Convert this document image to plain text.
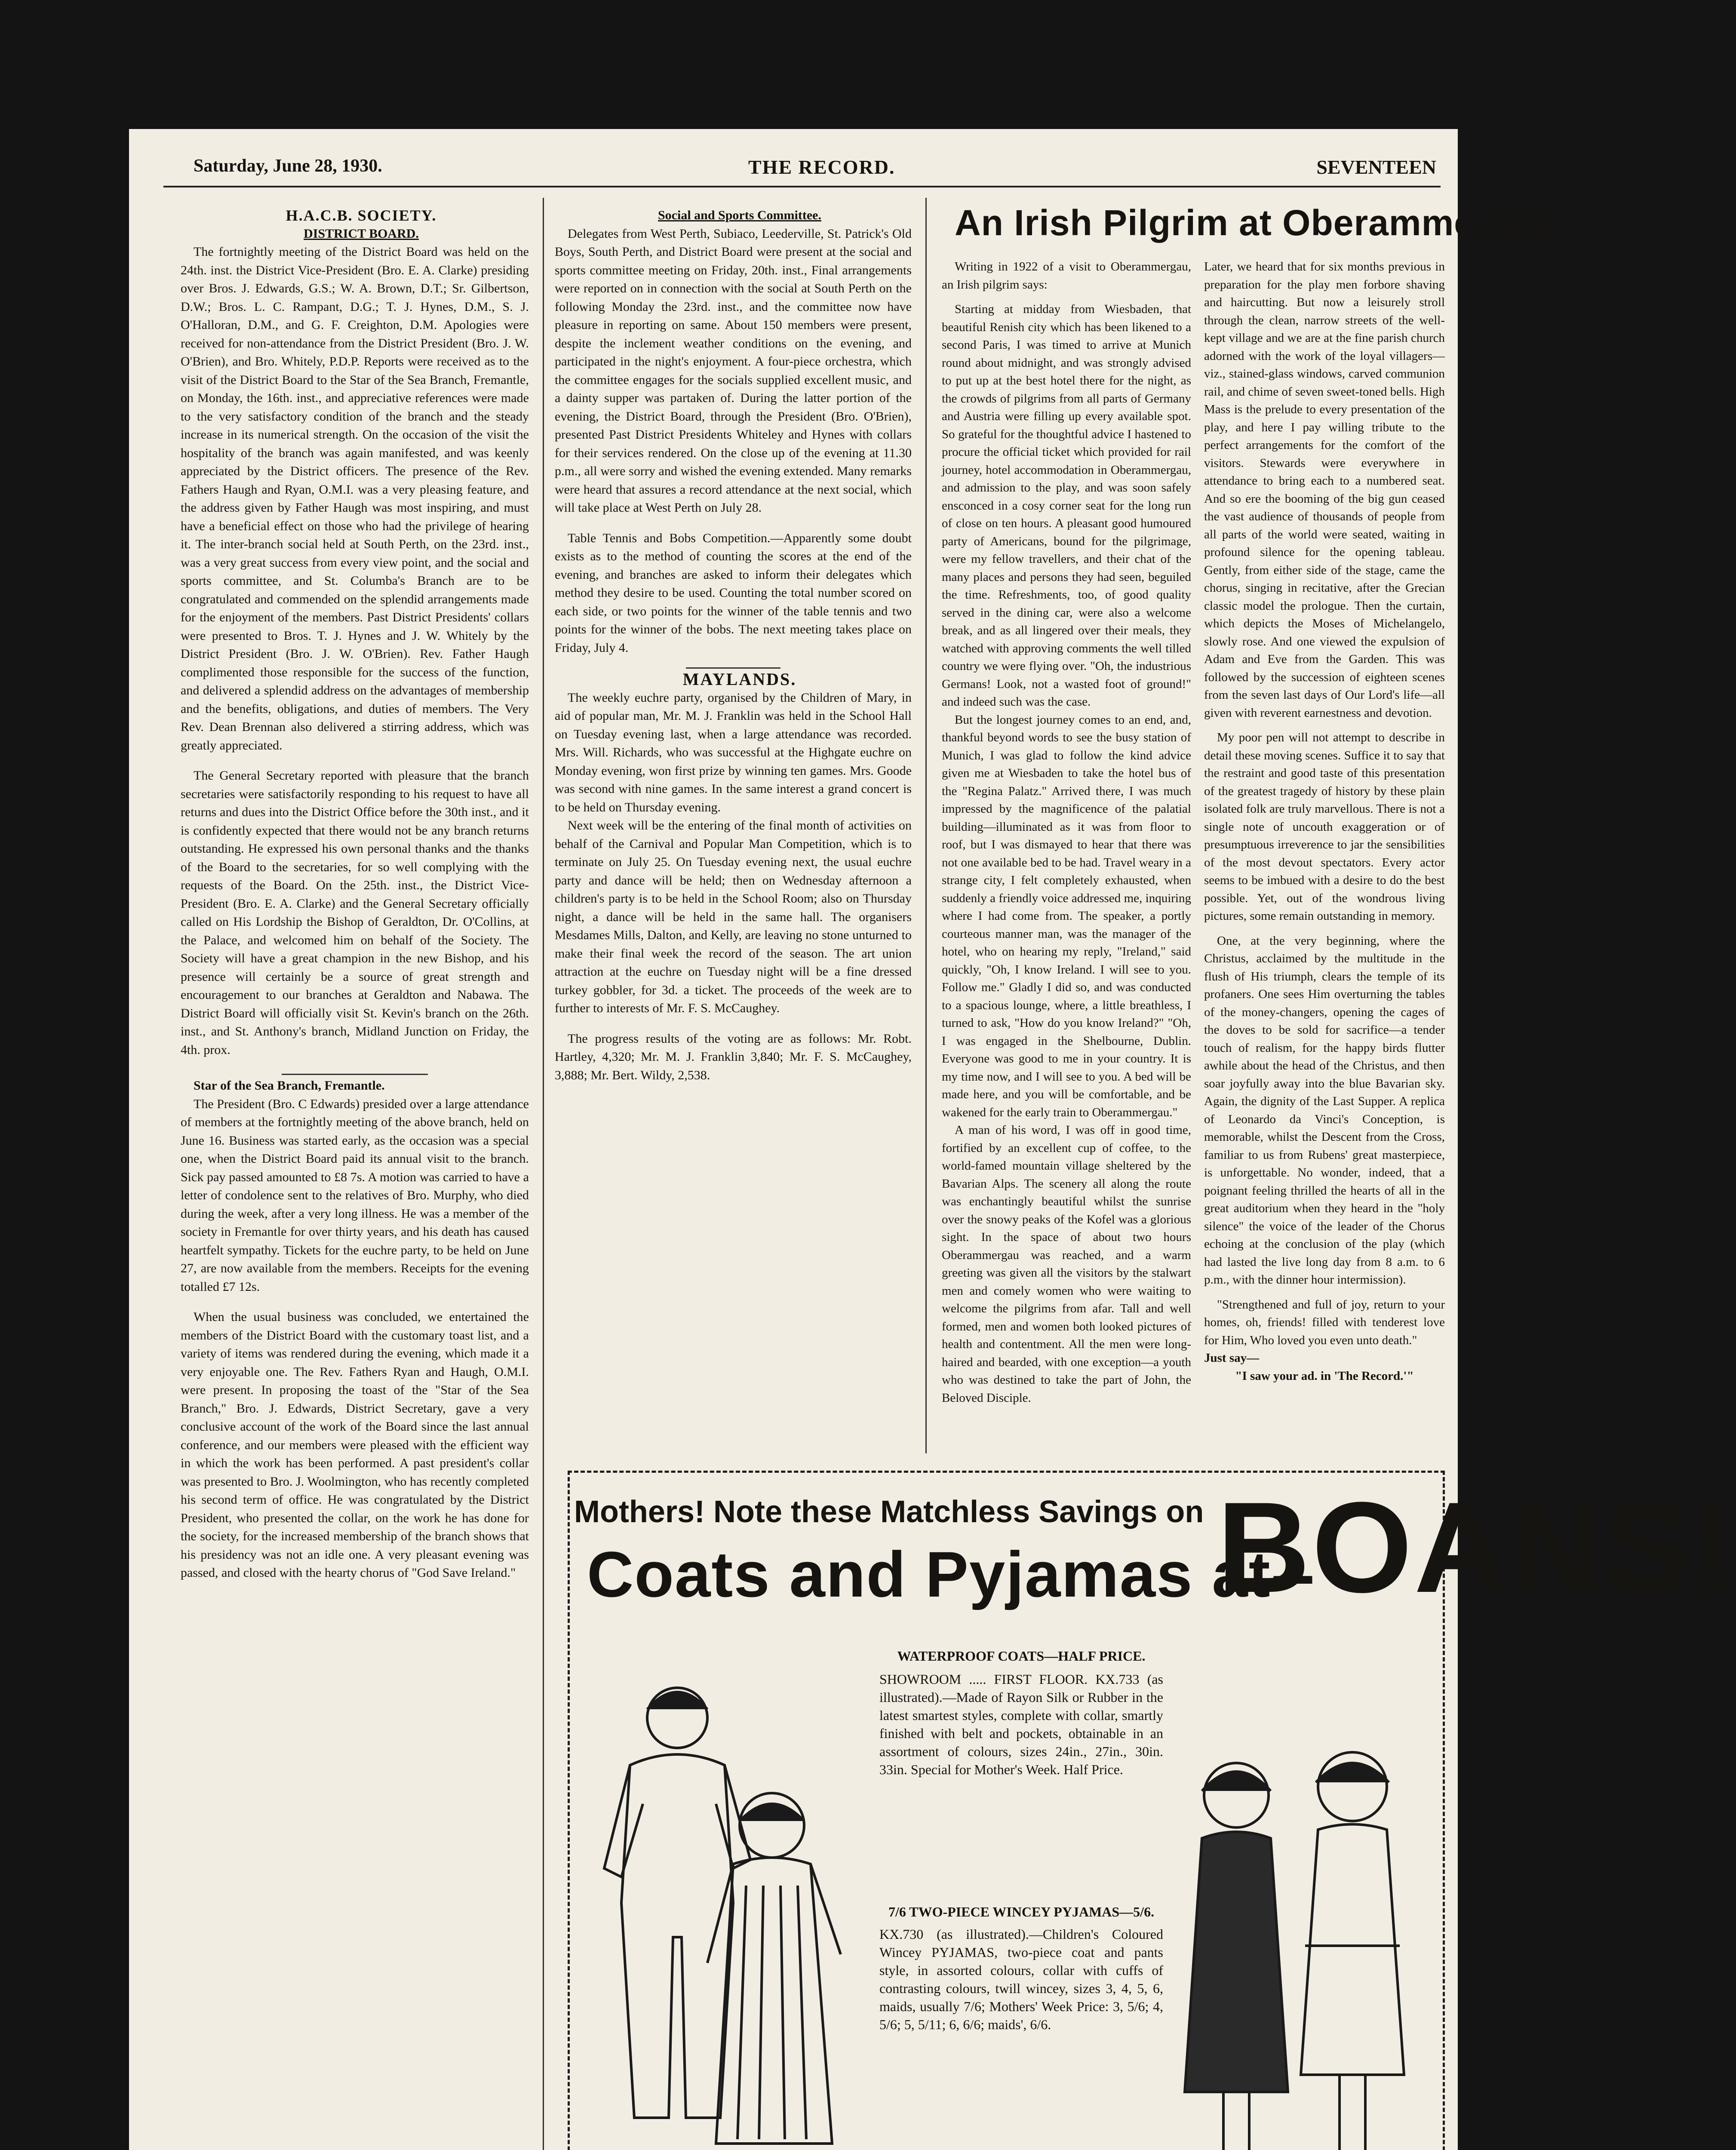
Saturday, June 28, 1930.	THE RECORD.	SEVENTEEN

H.A.C.B. SOCIETY.

DISTRICT BOARD.

The fortnightly meeting of the District Board was held on the 24th. inst. the District Vice-President (Bro. E. A. Clarke) presiding over Bros. J. Edwards, G.S.; W. A. Brown, D.T.; Sr. Gilbertson, D.W.; Bros. L. C. Rampant, D.G.; T. J. Hynes, D.M., S. J. O'Halloran, D.M., and G. F. Creighton, D.M. Apologies were received for non-attendance from the District President (Bro. J. W. O'Brien), and Bro. Whitely, P.D.P. Reports were received as to the visit of the District Board to the Star of the Sea Branch, Fremantle, on Monday, the 16th. inst., and appreciative references were made to the very satisfactory condition of the branch and the steady increase in its numerical strength. On the occasion of the visit the hospitality of the branch was again manifested, and was keenly appreciated by the District officers. The presence of the Rev. Fathers Haugh and Ryan, O.M.I. was a very pleasing feature, and the address given by Father Haugh was most inspiring, and must have a beneficial effect on those who had the privilege of hearing it. The inter-branch social held at South Perth, on the 23rd. inst., was a very great success from every view point, and the social and sports committee, and St. Columba's Branch are to be congratulated and commended on the splendid arrangements made for the enjoyment of the members. Past District Presidents' collars were presented to Bros. T. J. Hynes and J. W. Whitely by the District President (Bro. J. W. O'Brien). Rev. Father Haugh complimented those responsible for the success of the function, and delivered a splendid address on the advantages of membership and the benefits, obligations, and duties of members. The Very Rev. Dean Brennan also delivered a stirring address, which was greatly appreciated.

The General Secretary reported with pleasure that the branch secretaries were satisfactorily responding to his request to have all returns and dues into the District Office before the 30th inst., and it is confidently expected that there would not be any branch returns outstanding. He expressed his own personal thanks and the thanks of the Board to the secretaries, for so well complying with the requests of the Board. On the 25th. inst., the District Vice-President (Bro. E. A. Clarke) and the General Secretary officially called on His Lordship the Bishop of Geraldton, Dr. O'Collins, at the Palace, and welcomed him on behalf of the Society. The Society will have a great champion in the new Bishop, and his presence will certainly be a source of great strength and encouragement to our branches at Geraldton and Nabawa. The District Board will officially visit St. Kevin's branch on the 26th. inst., and St. Anthony's branch, Midland Junction on Friday, the 4th. prox.

Star of the Sea Branch, Fremantle.

The President (Bro. C Edwards) presided over a large attendance of members at the fortnightly meeting of the above branch, held on June 16. Business was started early, as the occasion was a special one, when the District Board paid its annual visit to the branch. Sick pay passed amounted to £8 7s. A motion was carried to have a letter of condolence sent to the relatives of Bro. Murphy, who died during the week, after a very long illness. He was a member of the society in Fremantle for over thirty years, and his death has caused heartfelt sympathy. Tickets for the euchre party, to be held on June 27, are now available from the members. Receipts for the evening totalled £7 12s.

When the usual business was concluded, we entertained the members of the District Board with the customary toast list, and a variety of items was rendered during the evening, which made it a very enjoyable one. The Rev. Fathers Ryan and Haugh, O.M.I. were present. In proposing the toast of the "Star of the Sea Branch," Bro. J. Edwards, District Secretary, gave a very conclusive account of the work of the Board since the last annual conference, and our members were pleased with the efficient way in which the work has been performed. A past president's collar was presented to Bro. J. Woolmington, who has recently completed his second term of office. He was congratulated by the District President, who presented the collar, on the work he has done for the society, for the increased membership of the branch shows that his presidency was not an idle one. A very pleasant evening was passed, and closed with the hearty chorus of "God Save Ireland."

Social and Sports Committee.

Delegates from West Perth, Subiaco, Leederville, St. Patrick's Old Boys, South Perth, and District Board were present at the social and sports committee meeting on Friday, 20th. inst., Final arrangements were reported on in connection with the social at South Perth on the following Monday the 23rd. inst., and the committee now have pleasure in reporting on same. About 150 members were present, despite the inclement weather conditions on the evening, and participated in the night's enjoyment. A four-piece orchestra, which the committee engages for the socials supplied excellent music, and a dainty supper was partaken of. During the latter portion of the evening, the District Board, through the President (Bro. O'Brien), presented Past District Presidents Whiteley and Hynes with collars for their services rendered. On the close up of the evening at 11.30 p.m., all were sorry and wished the evening extended. Many remarks were heard that assures a record attendance at the next social, which will take place at West Perth on July 28.

Table Tennis and Bobs Competition.—Apparently some doubt exists as to the method of counting the scores at the end of the evening, and branches are asked to inform their delegates which method they desire to be used. Counting the total number scored on each side, or two points for the winner of the table tennis and two points for the winner of the bobs. The next meeting takes place on Friday, July 4.

MAYLANDS.

The weekly euchre party, organised by the Children of Mary, in aid of popular man, Mr. M. J. Franklin was held in the School Hall on Tuesday evening last, when a large attendance was recorded. Mrs. Will. Richards, who was successful at the Highgate euchre on Monday evening, won first prize by winning ten games. Mrs. Goode was second with nine games. In the same interest a grand concert is to be held on Thursday evening.

Next week will be the entering of the final month of activities on behalf of the Carnival and Popular Man Competition, which is to terminate on July 25. On Tuesday evening next, the usual euchre party and dance will be held; then on Wednesday afternoon a children's party is to be held in the School Room; also on Thursday night, a dance will be held in the same hall. The organisers Mesdames Mills, Dalton, and Kelly, are leaving no stone unturned to make their final week the record of the season. The art union attraction at the euchre on Tuesday night will be a fine dressed turkey gobbler, for 3d. a ticket. The proceeds of the week are to further to interests of Mr. F. S. McCaughey.

The progress results of the voting are as follows: Mr. Robt. Hartley, 4,320; Mr. M. J. Franklin 3,840; Mr. F. S. McCaughey, 3,888; Mr. Bert. Wildy, 2,538.

An Irish Pilgrim at Oberammergau

Writing in 1922 of a visit to Oberammergau, an Irish pilgrim says:

Starting at midday from Wiesbaden, that beautiful Renish city which has been likened to a second Paris, I was timed to arrive at Munich round about midnight, and was strongly advised to put up at the best hotel there for the night, as the crowds of pilgrims from all parts of Germany and Austria were filling up every available spot. So grateful for the thoughtful advice I hastened to procure the official ticket which provided for rail journey, hotel accommodation in Oberammergau, and admission to the play, and was soon safely ensconced in a cosy corner seat for the long run of close on ten hours. A pleasant good humoured party of Americans, bound for the pilgrimage, were my fellow travellers, and their chat of the many places and persons they had seen, beguiled the time. Refreshments, too, of good quality served in the dining car, were also a welcome break, and as all lingered over their meals, they watched with approving comments the well tilled country we were flying over. "Oh, the industrious Germans! Look, not a wasted foot of ground!" and indeed such was the case.

But the longest journey comes to an end, and, thankful beyond words to see the busy station of Munich, I was glad to follow the kind advice given me at Wiesbaden to take the hotel bus of the "Regina Palatz." Arrived there, I was much impressed by the magnificence of the palatial building—illuminated as it was from floor to roof, but I was dismayed to hear that there was not one available bed to be had. Travel weary in a strange city, I felt completely exhausted, when suddenly a friendly voice addressed me, inquiring where I had come from. The speaker, a portly courteous manner man, was the manager of the hotel, who on hearing my reply, "Ireland," said quickly, "Oh, I know Ireland. I will see to you. Follow me." Gladly I did so, and was conducted to a spacious lounge, where, a little breathless, I turned to ask, "How do you know Ireland?" "Oh, I was engaged in the Shelbourne, Dublin. Everyone was good to me in your country. It is my time now, and I will see to you. A bed will be made here, and you will be comfortable, and be wakened for the early train to Oberammergau."

A man of his word, I was off in good time, fortified by an excellent cup of coffee, to the world-famed mountain village sheltered by the Bavarian Alps. The scenery all along the route was enchantingly beautiful whilst the sunrise over the snowy peaks of the Kofel was a glorious sight. In the space of about two hours Oberammergau was reached, and a warm greeting was given all the visitors by the stalwart men and comely women who were waiting to welcome the pilgrims from afar. Tall and well formed, men and women both looked pictures of health and contentment. All the men were long-haired and bearded, with one exception—a youth who was destined to take the part of John, the Beloved Disciple.

Later, we heard that for six months previous in preparation for the play men forbore shaving and haircutting. But now a leisurely stroll through the clean, narrow streets of the well-kept village and we are at the fine parish church adorned with the work of the loyal villagers—viz., stained-glass windows, carved communion rail, and chime of seven sweet-toned bells. High Mass is the prelude to every presentation of the play, and here I pay willing tribute to the perfect arrangements for the comfort of the visitors. Stewards were everywhere in attendance to bring each to a numbered seat. And so ere the booming of the big gun ceased the vast audience of thousands of people from all parts of the world were seated, waiting in profound silence for the opening tableau. Gently, from either side of the stage, came the chorus, singing in recitative, after the Grecian classic model the prologue. Then the curtain, which depicts the Moses of Michelangelo, slowly rose. And one viewed the expulsion of Adam and Eve from the Garden. This was followed by the succession of eighteen scenes from the seven last days of Our Lord's life—all given with reverent earnestness and devotion.

My poor pen will not attempt to describe in detail these moving scenes. Suffice it to say that the restraint and good taste of this presentation of the greatest tragedy of history by these plain isolated folk are truly marvellous. There is not a single note of uncouth exaggeration or of presumptuous irreverence to jar the sensibilities of the most devout spectators. Every actor seems to be imbued with a desire to do the best possible. Yet, out of the wondrous living pictures, some remain outstanding in memory.

One, at the very beginning, where the Christus, acclaimed by the multitude in the flush of His triumph, clears the temple of its profaners. One sees Him overturning the tables of the money-changers, opening the cages of the doves to be sold for sacrifice—a tender touch of realism, for the happy birds flutter awhile about the head of the Christus, and then soar joyfully away into the blue Bavarian sky. Again, the dignity of the Last Supper. A replica of Leonardo da Vinci's Conception, is memorable, whilst the Descent from the Cross, familiar to us from Rubens' great masterpiece, is unforgettable. No wonder, indeed, that a poignant feeling thrilled the hearts of all in the great auditorium when they heard in the "holy silence" the voice of the leader of the Chorus echoing at the conclusion of the play (which had lasted the live long day from 8 a.m. to 6 p.m., with the dinner hour intermission).

"Strengthened and full of joy, return to your homes, oh, friends! filled with tenderest love for Him, Who loved you even unto death."

Just say—

"I saw your ad. in 'The Record.'"

Mothers! Note these Matchless Savings on
Coats and Pyjamas at--
BOANS!

WATERPROOF COATS—HALF PRICE.

SHOWROOM ..... FIRST FLOOR. KX.733 (as illustrated).—Made of Rayon Silk or Rubber in the latest smartest styles, complete with collar, smartly finished with belt and pockets, obtainable in an assortment of colours, sizes 24in., 27in., 30in. 33in. Special for Mother's Week. Half Price.

7/6 TWO-PIECE WINCEY PYJAMAS—5/6.

KX.730 (as illustrated).—Children's Coloured Wincey PYJAMAS, two-piece coat and pants style, in assorted colours, collar with cuffs of contrasting colours, twill wincey, sizes 3, 4, 5, 6, maids, usually 7/6; Mothers' Week Price: 3, 5/6; 4, 5/6; 5, 5/11; 6, 6/6; maids', 6/6.
